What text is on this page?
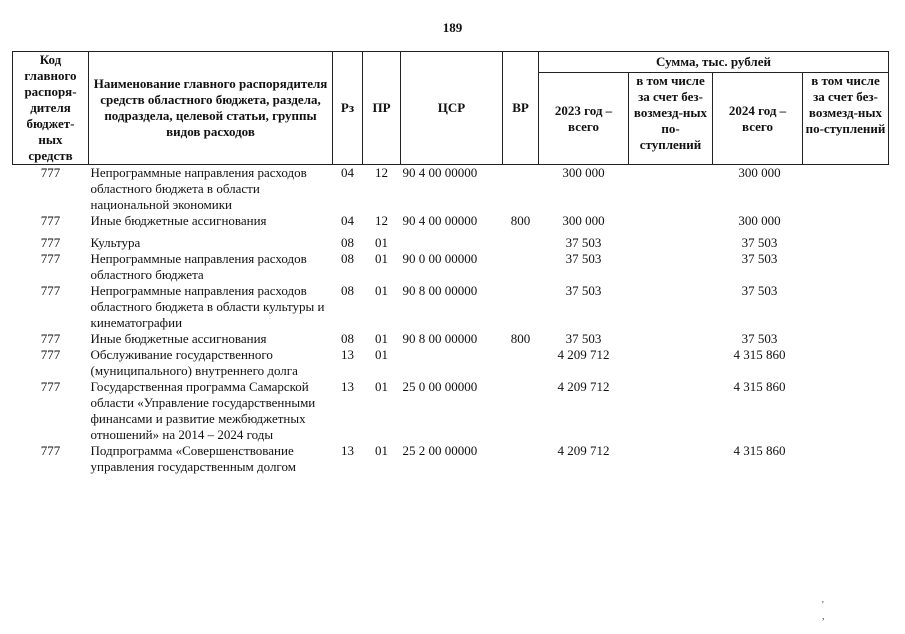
189
Код главного распоря-дителя бюджет-ных средств	Наименование главного распорядителя средств областного бюджета, раздела, подраздела, целевой статьи, группы видов расходов	Рз	ПР	ЦСР	ВР	Сумма, тыс. рублей			
						2023 год – всего	в том числе за счет без-возмезд-ных по-ступлений	2024 год – всего	в том числе за счет без-возмезд-ных по-ступлений
777	Непрограммные направления расходов областного бюджета в области национальной экономики	04	12	90 4 00 00000		300 000		300 000	
777	Иные бюджетные ассигнования	04	12	90 4 00 00000	800	300 000		300 000	
777	Культура	08	01			37 503		37 503	
777	Непрограммные направления расходов областного бюджета	08	01	90 0 00 00000		37 503		37 503	
777	Непрограммные направления расходов областного бюджета в области культуры и кинематографии	08	01	90 8 00 00000		37 503		37 503	
777	Иные бюджетные ассигнования	08	01	90 8 00 00000	800	37 503		37 503	
777	Обслуживание государственного (муниципального) внутреннего долга	13	01			4 209 712		4 315 860	
777	Государственная программа Самарской области «Управление государственными финансами и развитие межбюджетных отношений» на 2014 – 2024 годы	13	01	25 0 00 00000		4 209 712		4 315 860	
777	Подпрограмма «Совершенствование управления государственным долгом	13	01	25 2 00 00000		4 209 712		4 315 860	
' ,
